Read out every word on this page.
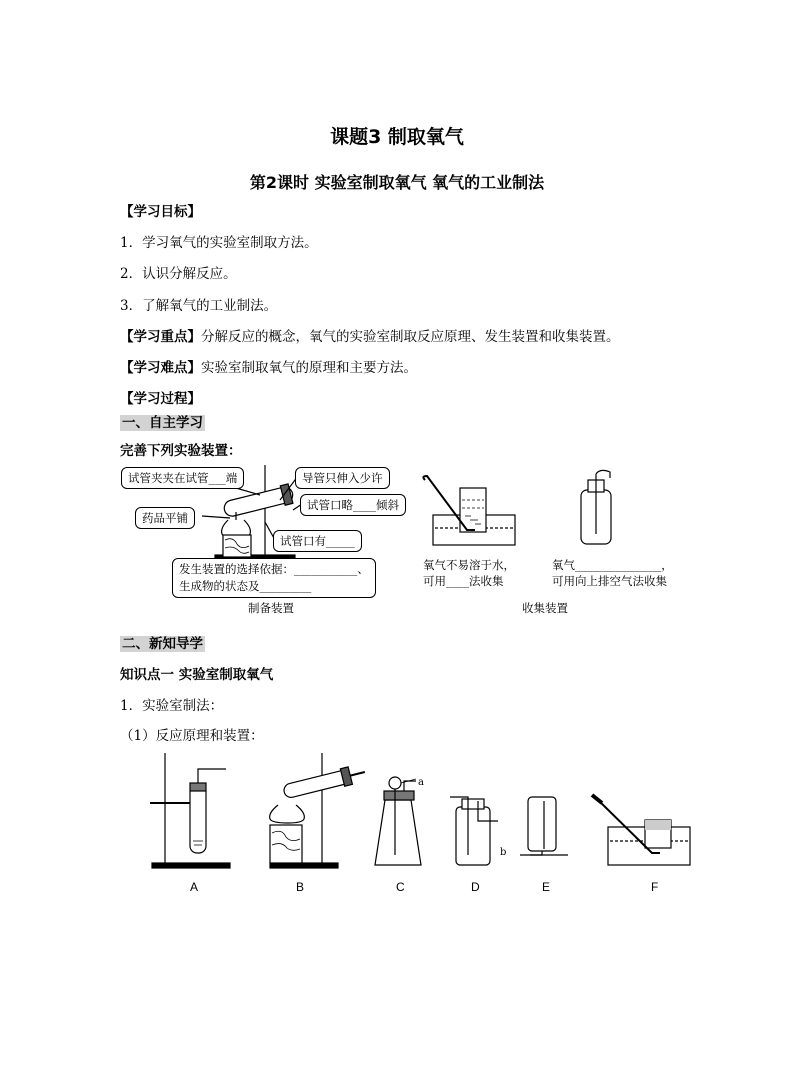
课题3 制取氧气
第2课时 实验室制取氧气 氧气的工业制法
【学习目标】
1．学习氧气的实验室制取方法。
2．认识分解反应。
3．了解氧气的工业制法。
【学习重点】分解反应的概念，氧气的实验室制取反应原理、发生装置和收集装置。
【学习难点】实验室制取氧气的原理和主要方法。
【学习过程】
一、自主学习
完善下列实验装置：
试管夹夹在试管___端	导管只伸入少许
试管口略____倾斜
药品平铺
试管口有_____
发生装置的选择依据：___________、
生成物的状态及_________
氧气不易溶于水，
可用____法收集
氧气_______________，
可用向上排空气法收集
制备装置	收集装置
二、新知导学
知识点一 实验室制取氧气
1．实验室制法：
（1）反应原理和装置：
a
b
A	B	C	D	E	F
